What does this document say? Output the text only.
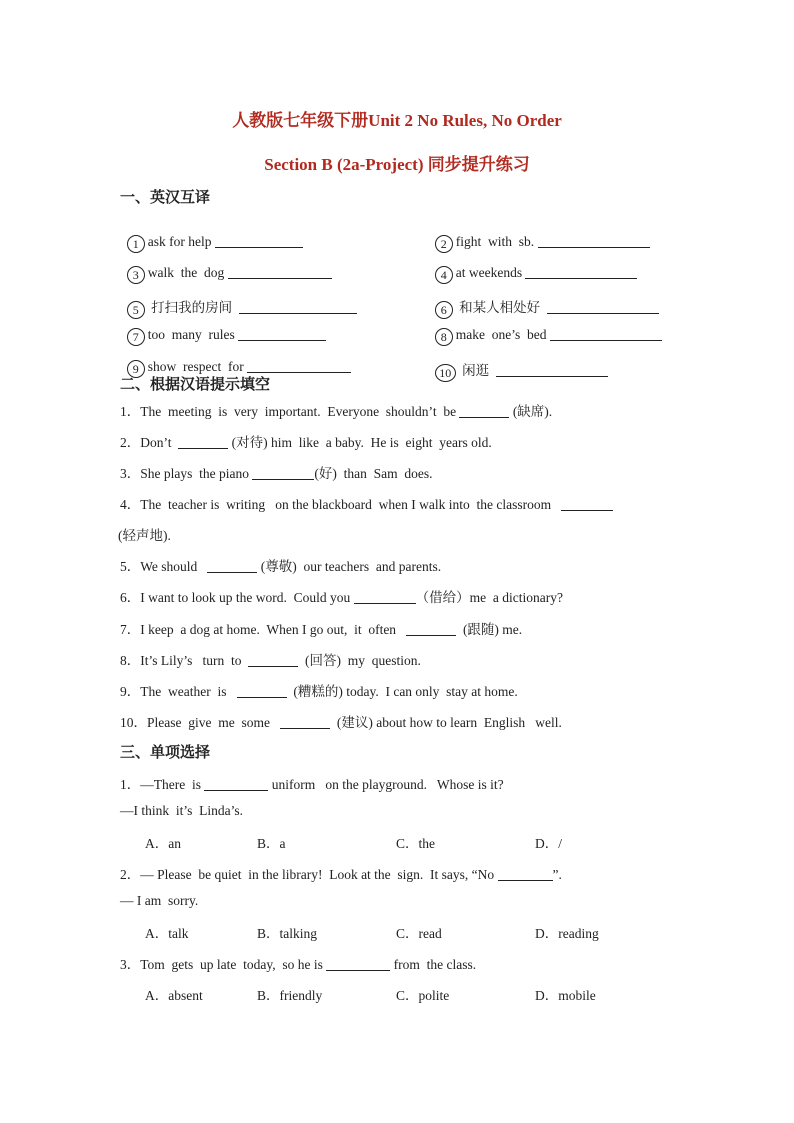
人教版七年级下册Unit 2 No Rules, No Order
Section B (2a-Project) 同步提升练习
一、英汉互译

1 ask for help	2 fight  with  sb.

3 walk  the  dog	4 at weekends

5 打扫我的房间	6 和某人相处好

7 too  many  rules	8 make  one’s  bed

9 show  respect  for	10 闲逛

二、根据汉语提示填空
1．The  meeting  is  very  important.  Everyone  shouldn’t  be	(缺席).
2．Don’t	(对待) him  like  a baby.  He is  eight  years old.
3．She plays  the piano	(好)  than  Sam  does.
4．The  teacher is  writing   on the blackboard  when I walk into  the classroom
(轻声地).
5．We should	(尊敬)  our teachers  and parents.
6．I want to look up the word.  Could you	（借给）me  a dictionary?
7．I keep  a dog at home.  When I go out,  it  often	(跟随) me.
8．It’s Lily’s   turn  to	(回答)  my  question.
9．The  weather  is	(糟糕的) today.  I can only  stay at home.
10．Please  give  me  some	(建议) about how to learn  English   well.
三、单项选择
1．—There  is	uniform   on the playground.   Whose is it?
—I think  it’s  Linda’s.
A．an	B．a	C．the	D．/
2．— Please  be quiet  in the library!  Look at the  sign.  It says, “No	”.
— I am  sorry.
A．talk	B．talking	C．read	D．reading
3．Tom  gets  up late  today,  so he is	from  the class.
A．absent	B．friendly	C．polite	D．mobile
